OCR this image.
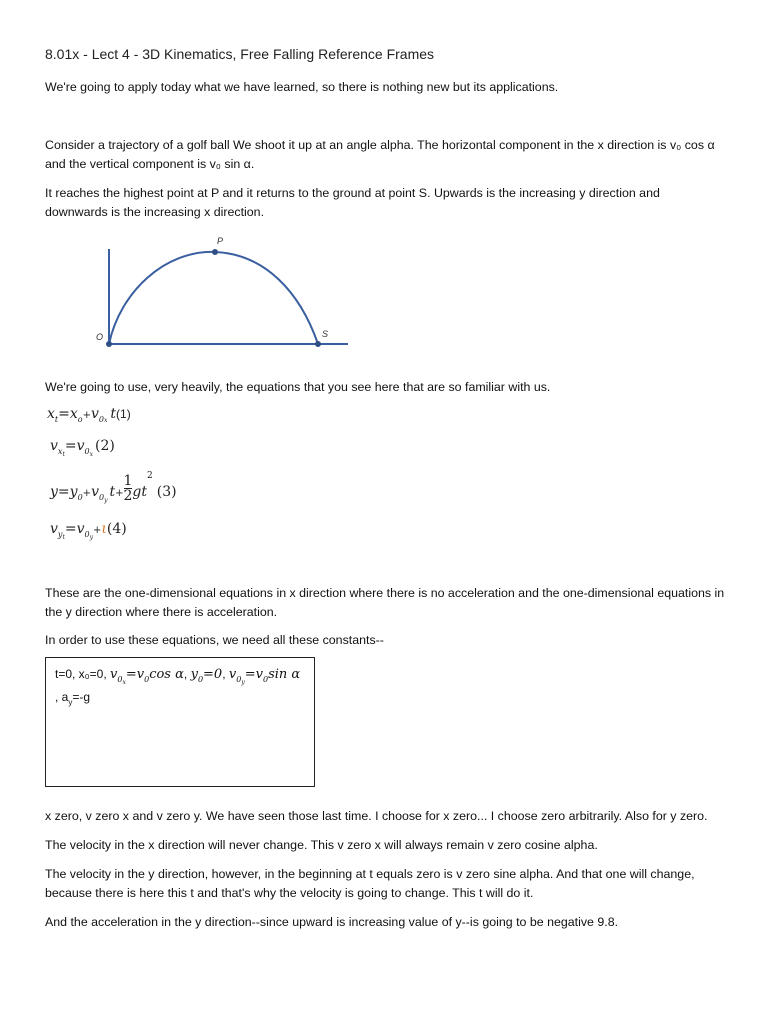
8.01x - Lect 4 - 3D Kinematics, Free Falling Reference Frames
We're going to apply today what we have learned, so there is nothing new but its applications.
Consider a trajectory of a golf ball We shoot it up at an angle alpha. The horizontal component in the x direction is v₀ cos α and the vertical component is v₀ sin α.
It reaches the highest point at P and it returns to the ground at point S. Upwards is the increasing y direction and downwards is the increasing x direction.
O
P
S
We're going to use, very heavily, the equations that you see here that are so familiar with us.
$x_t=x_o+v_{0x}$ t(1)
$v_{xt}=v_{0x}(2)$
$y=y_{0+}v_{0y}t_+ \frac{1}{2} gt^2(3)$
$v_{yt}=v_{0y}+\iota(4)$
These are the one-dimensional equations in x direction where there is no acceleration and the one-dimensional equations in the y direction where there is acceleration.
In order to use these equations, we need all these constants--
t=0, x₀=0, $v_{0x}=v_0\cos$ α, $y_0=0$, $v_{0y}=v_0\sin$ α
, $a_y=-g$
x zero, v zero x and v zero y. We have seen those last time. I choose for x zero... I choose zero arbitrarily. Also for y zero.
The velocity in the x direction will never change. This v zero x will always remain v zero cosine alpha.
The velocity in the y direction, however, in the beginning at t equals zero is v zero sine alpha. And that one will change, because there is here this t and that's why the velocity is going to change. This t will do it.
And the acceleration in the y direction--since upward is increasing value of y--is going to be negative 9.8.
